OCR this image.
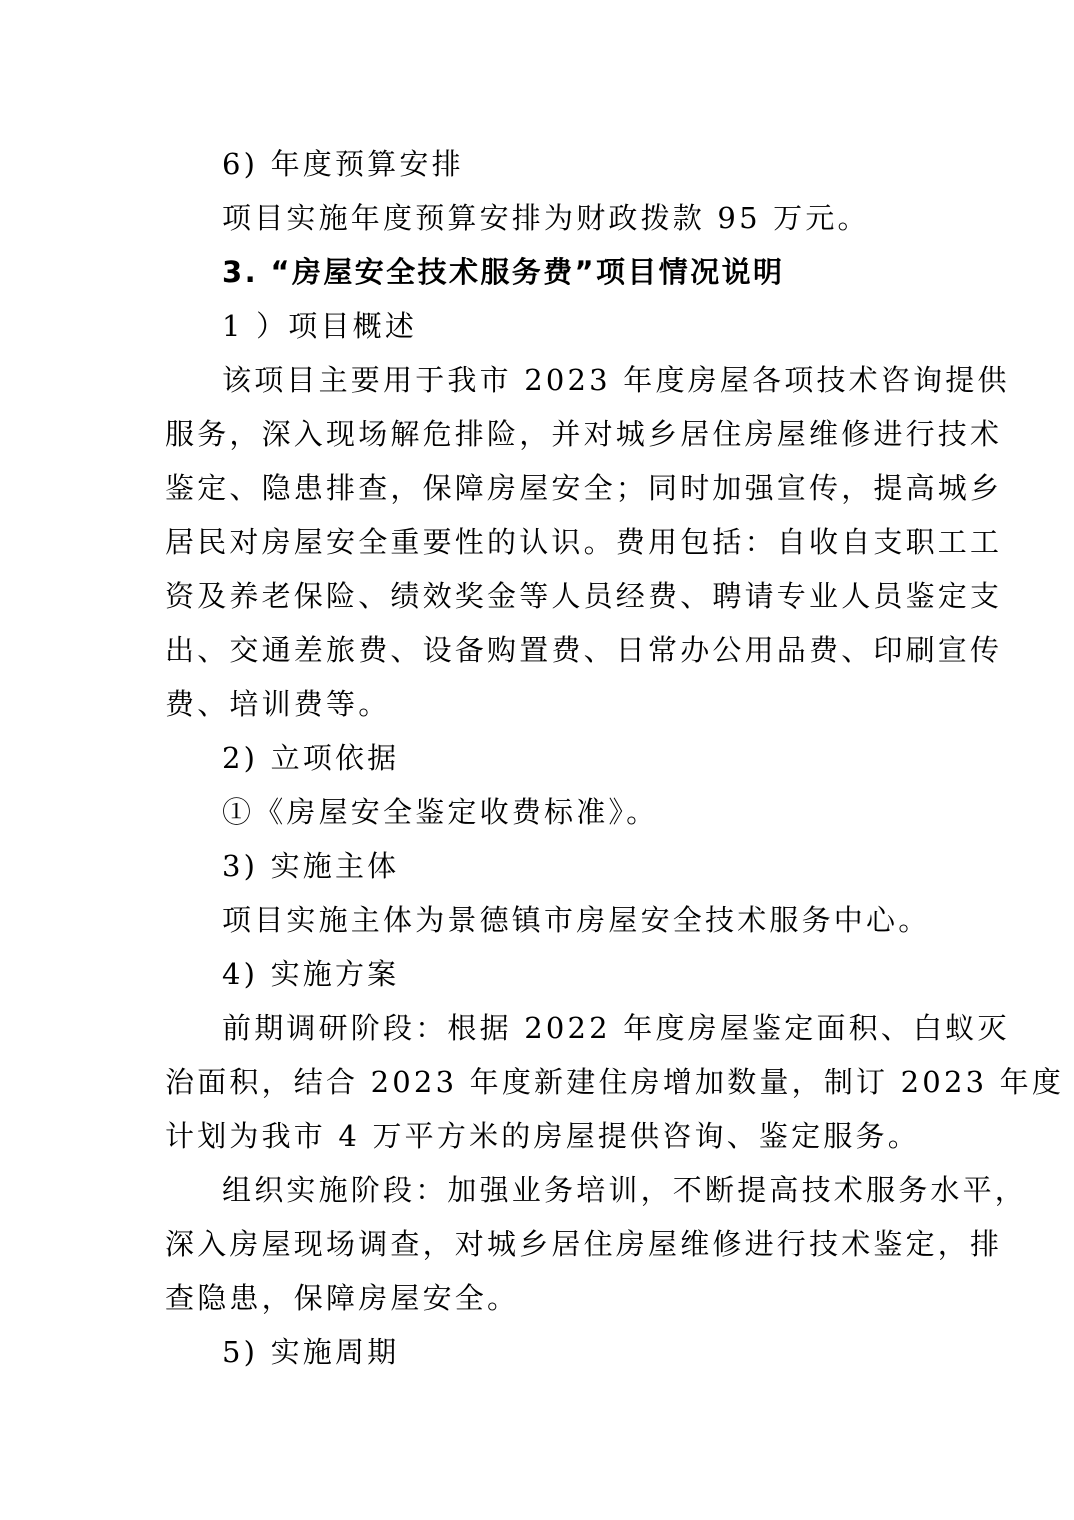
6) 年度预算安排
项目实施年度预算安排为财政拨款 95 万元。
3. “房屋安全技术服务费”项目情况说明
1 ）项目概述
该项目主要用于我市 2023 年度房屋各项技术咨询提供
服务，深入现场解危排险，并对城乡居住房屋维修进行技术
鉴定、隐患排查，保障房屋安全；同时加强宣传，提高城乡
居民对房屋安全重要性的认识。费用包括：自收自支职工工
资及养老保险、绩效奖金等人员经费、聘请专业人员鉴定支
出、交通差旅费、设备购置费、日常办公用品费、印刷宣传
费、培训费等。
2) 立项依据
①《房屋安全鉴定收费标准》。
3) 实施主体
项目实施主体为景德镇市房屋安全技术服务中心。
4) 实施方案
前期调研阶段：根据 2022 年度房屋鉴定面积、白蚁灭
治面积，结合 2023 年度新建住房增加数量，制订 2023 年度
计划为我市 4 万平方米的房屋提供咨询、鉴定服务。
组织实施阶段：加强业务培训，不断提高技术服务水平，
深入房屋现场调查，对城乡居住房屋维修进行技术鉴定，排
查隐患，保障房屋安全。
5) 实施周期
